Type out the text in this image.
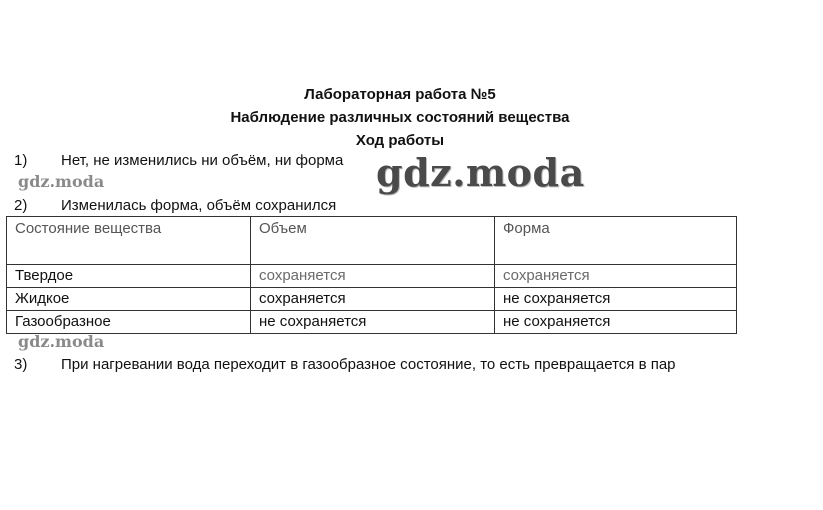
Лабораторная работа №5
Наблюдение различных состояний вещества
Ход работы
1)	Нет, не изменились ни объём, ни форма gdz.moda
gdz.moda
2)	Изменилась форма, объём сохранился
Состояние вещества	Объем	Форма
Твердое	сохраняется	сохраняется
Жидкое	сохраняется	не сохраняется
Газообразное	не сохраняется	не сохраняется
gdz.moda
3)	При нагревании вода переходит в газообразное состояние, то есть превращается в пар
